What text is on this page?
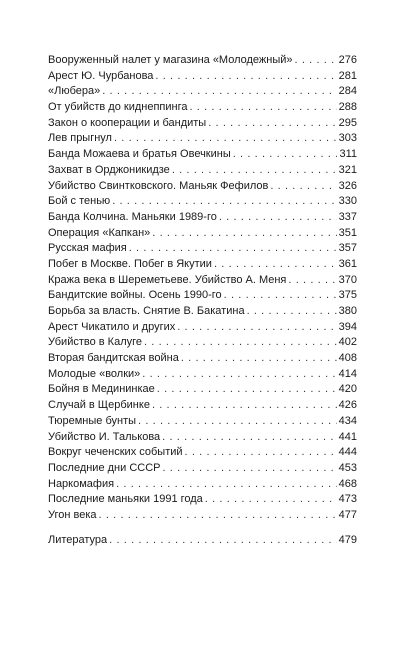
Вооруженный налет у магазина «Молодежный» . . .	276
Арест Ю. Чурбанова . . .	281
«Люберa» . . .	284
От убийств до киднеппинга . . .	288
Закон о кооперации и бандиты . . .	295
Лев прыгнул . . .	303
Банда Можаева и братья Овечкины . . .	311
Захват в Орджоникидзе . . .	321
Убийство Свинтковского. Маньяк Фефилов . . .	326
Бой с тенью . . .	330
Банда Колчина. Маньяки 1989-го . . .	337
Операция «Капкан» . . .	351
Русская мафия . . .	357
Побег в Москве. Побег в Якутии . . .	361
Кража века в Шереметьеве. Убийство А. Меня . . .	370
Бандитские войны. Осень 1990-го . . .	375
Борьба за власть. Снятие В. Бакатина . . .	380
Арест Чикатило и других . . .	394
Убийство в Калуге . . .	402
Вторая бандитская война . . .	408
Молодые «волки» . . .	414
Бойня в Медининкае . . .	420
Случай в Щербинке . . .	426
Тюремные бунты . . .	434
Убийство И. Талькова . . .	441
Вокруг чеченских событий . . .	444
Последние дни СССР . . .	453
Наркомафия . . .	468
Последние маньяки 1991 года . . .	473
Угон века . . .	477
Литература . . .	479
